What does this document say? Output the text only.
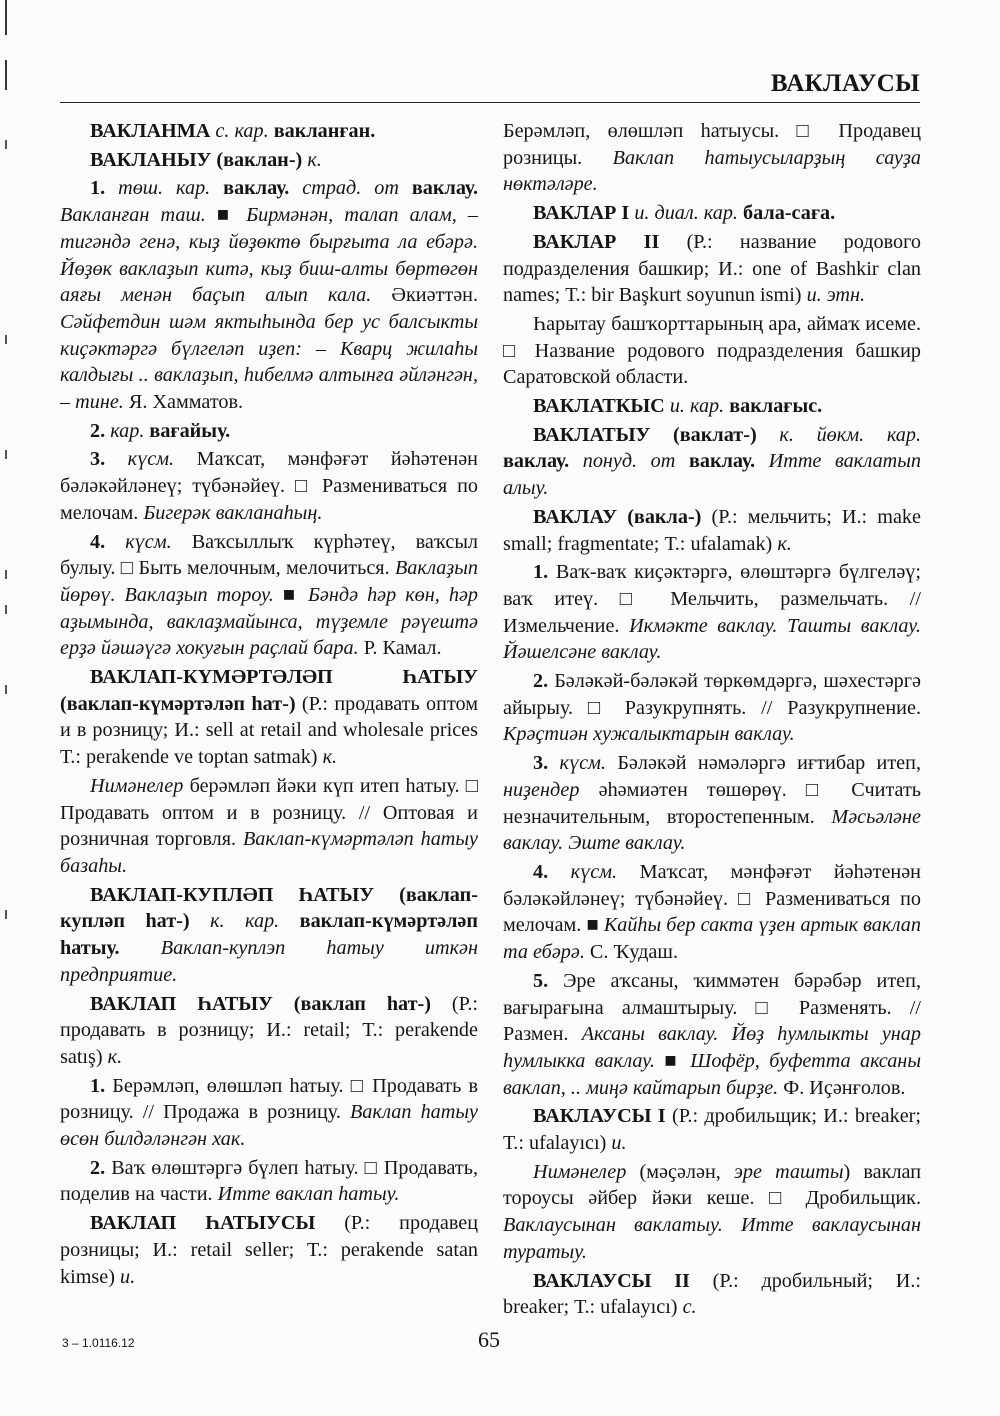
ВАКЛАУСЫ

ВАКЛАНМА с. кар. вакланған.

ВАКЛАНЫУ (ваклан-) к.

1. төш. кар. ваклау. страд. от ваклау. Вакланған таш. ■ Бирмәнән, талап алам, – тигәндә генә, кыҙ йөҙөктө бырғыта ла ебәрә. Йөҙөк ваклаҙып китә, кыҙ биш-алты бөртөгөн аяғы менән баҫып алып кала. Әкиәттән. Сәйфетдин шәм яктыһында бер ус балсыкты киҫәктәргә бүлгеләп иҙеп: – Кварц жилаһы калдығы .. ваклаҙып, һибелмә алтынға әйләнгән, – тине. Я. Хамматов.

2. кар. вағайыу.

3. күсм. Маҡсат, мәнфәғәт йәһәтенән бәләкәйләнеү; түбәнәйеү. □ Размениваться по мелочам. Бигерәк вакланаһың.

4. күсм. Ваҡсыллыҡ күрһәтеү, ваҡсыл булыу. □ Быть мелочным, мелочиться. Ваклаҙып йөрөү. Ваклаҙып тороу. ■ Бәндә һәр көн, һәр аҙымында, ваклаҙмайынса, түҙемле рәүештә ерҙә йәшәүгә хокуғын раҫлай бара. Р. Камал.

ВАКЛАП-КҮМӘРТӘЛӘП ҺАТЫУ (ваклап-күмәртәләп һат-) (Р.: продавать оптом и в розницу; И.: sell at retail and wholesale prices Т.: perakende ve toptan satmak) к.

Нимәнелер берәмләп йәки күп итеп һатыу. □ Продавать оптом и в розницу. // Оптовая и розничная торговля. Ваклап-күмәртәләп һатыу базаһы.

ВАКЛАП-КУПЛӘП ҺАТЫУ (ваклап-купләп һат-) к. кар. ваклап-күмәртәләп һатыу. Ваклап-куплэп һатыу иткән предприятие.

ВАКЛАП ҺАТЫУ (ваклап һат-) (Р.: продавать в розницу; И.: retail; Т.: perakende satış) к.

1. Берәмләп, өлөшләп һатыу. □ Продавать в розницу. // Продажа в розницу. Ваклап һатыу өсөн билдәләнгән хак.

2. Ваҡ өлөштәргә бүлеп һатыу. □ Продавать, поделив на части. Итте ваклап һатыу.

ВАКЛАП ҺАТЫУСЫ (Р.: продавец розницы; И.: retail seller; Т.: perakende satan kimse) и.

Берәмләп, өлөшләп һатыусы. □ Продавец розницы. Ваклап һатыусыларҙың сауҙа нөктәләре.

ВАКЛАР I и. диал. кар. бала-саға.

ВАКЛАР II (Р.: название родового подразделения башкир; И.: one of Bashkir clan names; Т.: bir Başkurt soyunun ismi) и. этн.

Һарытау башҡорттарының ара, аймаҡ исеме. □ Название родового подразделения башкир Саратовской области.

ВАКЛАТКЫС и. кар. ваклағыс.

ВАКЛАТЫУ (ваклат-) к. йөкм. кар. ваклау. понуд. от ваклау. Итте ваклатып алыу.

ВАКЛАУ (вакла-) (Р.: мельчить; И.: make small; fragmentate; Т.: ufalamak) к.

1. Ваҡ-ваҡ киҫәктәргә, өлөштәргә бүлгеләү; ваҡ итеү. □ Мельчить, размельчать. // Измельчение. Икмәкте ваклау. Ташты ваклау. Йәшелсәне ваклау.

2. Бәләкәй-бәләкәй төркөмдәргә, шәхестәргә айырыу. □ Разукрупнять. // Разукрупнение. Крәҫтиән хужалыктарын ваклау.

3. күсм. Бәләкәй нәмәләргә иғтибар итеп, ниҙендер әһәмиәтен төшөрөү. □ Считать незначительным, второстепенным. Мәсьәләне ваклау. Эште ваклау.

4. күсм. Маҡсат, мәнфәғәт йәһәтенән бәләкәйләнеү; түбәнәйеү. □ Размениваться по мелочам. ■ Кайһы бер сакта үҙен артык ваклап та ебәрә. С. Ҡудаш.

5. Эре аҡсаны, ҡиммәтен бәрәбәр итеп, вағырағына алмаштырыу. □ Разменять. // Размен. Аксаны ваклау. Йөҙ һумлыкты унар һумлыкка ваклау. ■ Шофёр, буфетта аксаны ваклап, .. миңә кайтарып бирҙе. Ф. Иҫәнғолов.

ВАКЛАУСЫ I (Р.: дробильщик; И.: breaker; Т.: ufalayıcı) и.

Нимәнелер (мәҫәлән, эре ташты) ваклап тороусы әйбер йәки кеше. □ Дробильщик. Ваклаусынан ваклатыу. Итте ваклаусынан туратыу.

ВАКЛАУСЫ II (Р.: дробильный; И.: breaker; Т.: ufalayıcı) с.

3 – 1.0116.12	65
